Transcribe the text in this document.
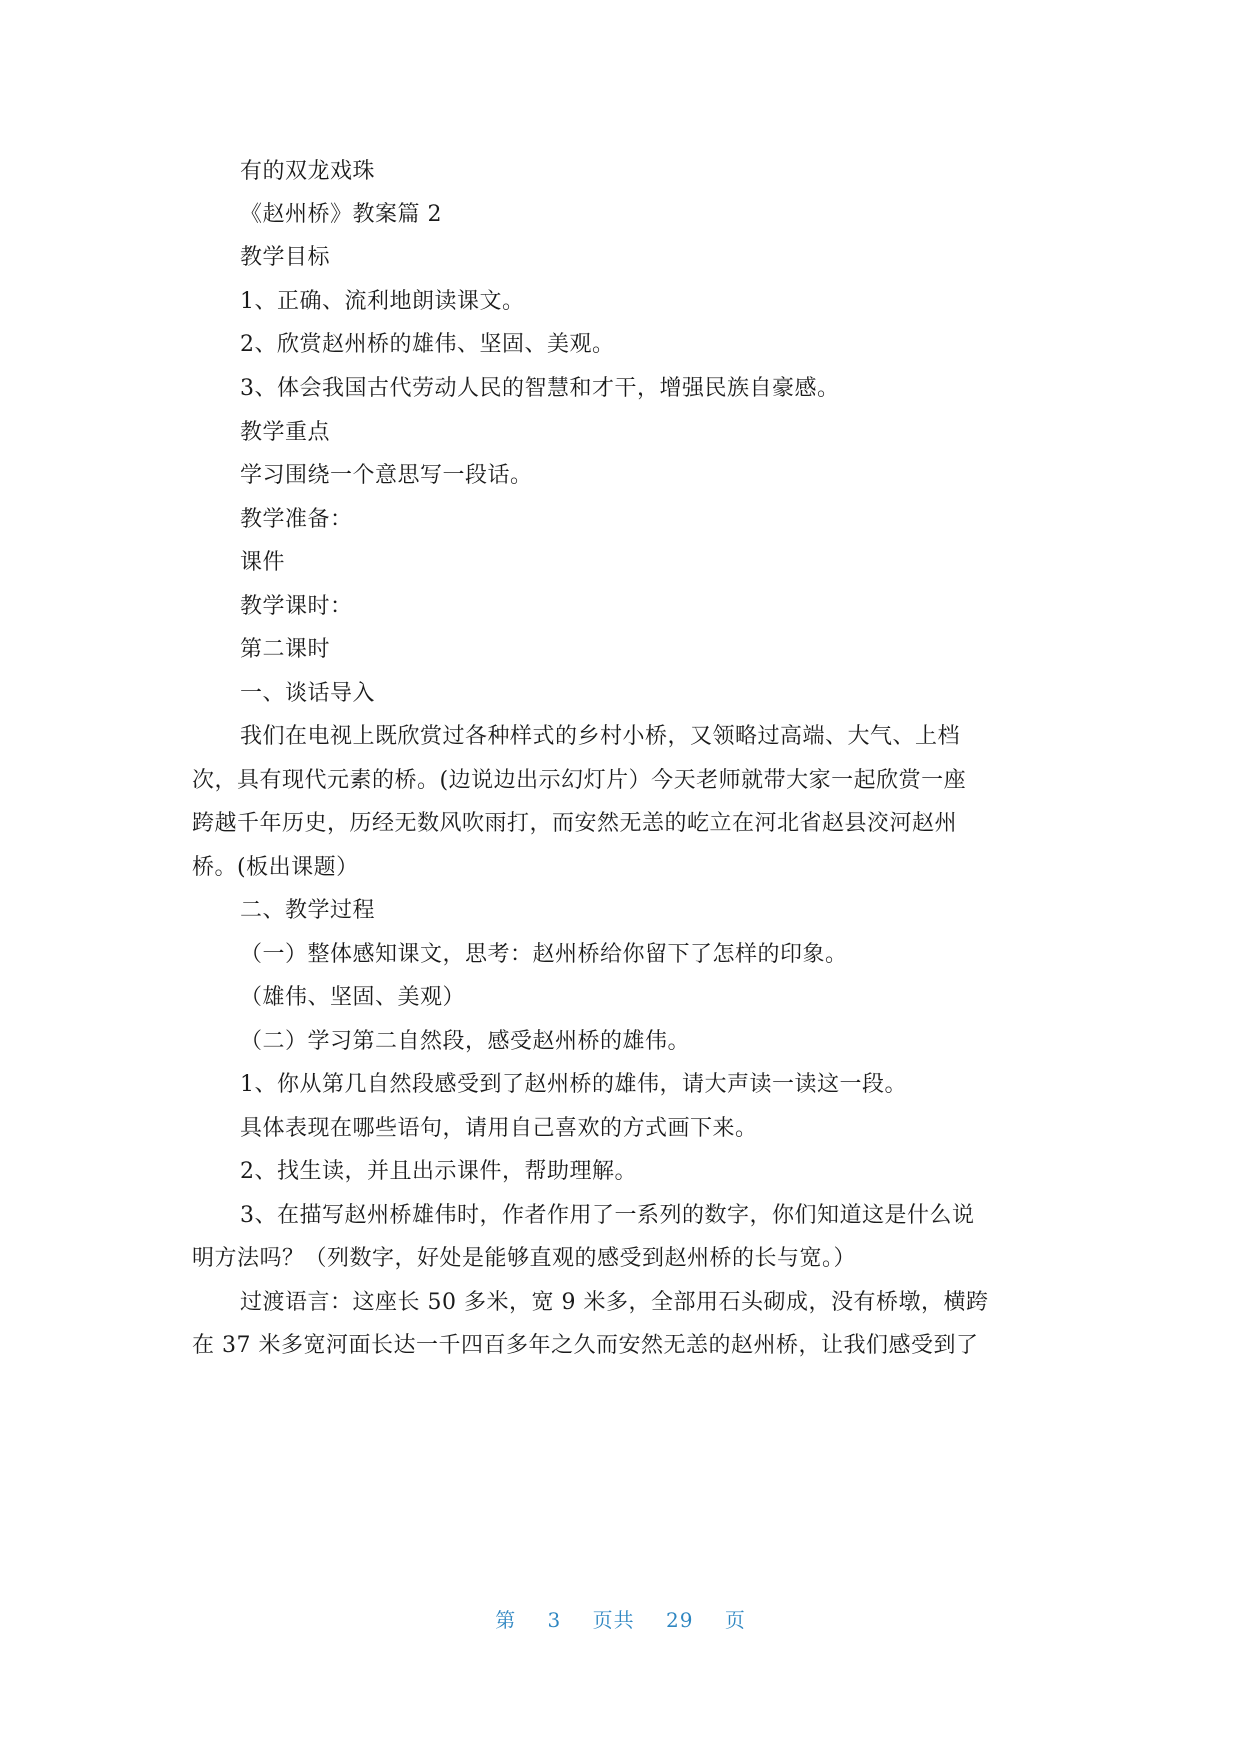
有的双龙戏珠
《赵州桥》教案篇 2
教学目标
1、正确、流利地朗读课文。
2、欣赏赵州桥的雄伟、坚固、美观。
3、体会我国古代劳动人民的智慧和才干，增强民族自豪感。
教学重点
学习围绕一个意思写一段话。
教学准备：
课件
教学课时：
第二课时
一、谈话导入
我们在电视上既欣赏过各种样式的乡村小桥，又领略过高端、大气、上档
次，具有现代元素的桥。(边说边出示幻灯片）今天老师就带大家一起欣赏一座
跨越千年历史，历经无数风吹雨打，而安然无恙的屹立在河北省赵县洨河赵州
桥。(板出课题）
二、教学过程
（一）整体感知课文，思考：赵州桥给你留下了怎样的印象。
（雄伟、坚固、美观）
（二）学习第二自然段，感受赵州桥的雄伟。
1、你从第几自然段感受到了赵州桥的雄伟，请大声读一读这一段。
具体表现在哪些语句，请用自己喜欢的方式画下来。
2、找生读，并且出示课件，帮助理解。
3、在描写赵州桥雄伟时，作者作用了一系列的数字，你们知道这是什么说
明方法吗？（列数字，好处是能够直观的感受到赵州桥的长与宽。）
过渡语言：这座长 50 多米，宽 9 米多，全部用石头砌成，没有桥墩，横跨
在 37 米多宽河面长达一千四百多年之久而安然无恙的赵州桥，让我们感受到了
第 3 页共 29 页
